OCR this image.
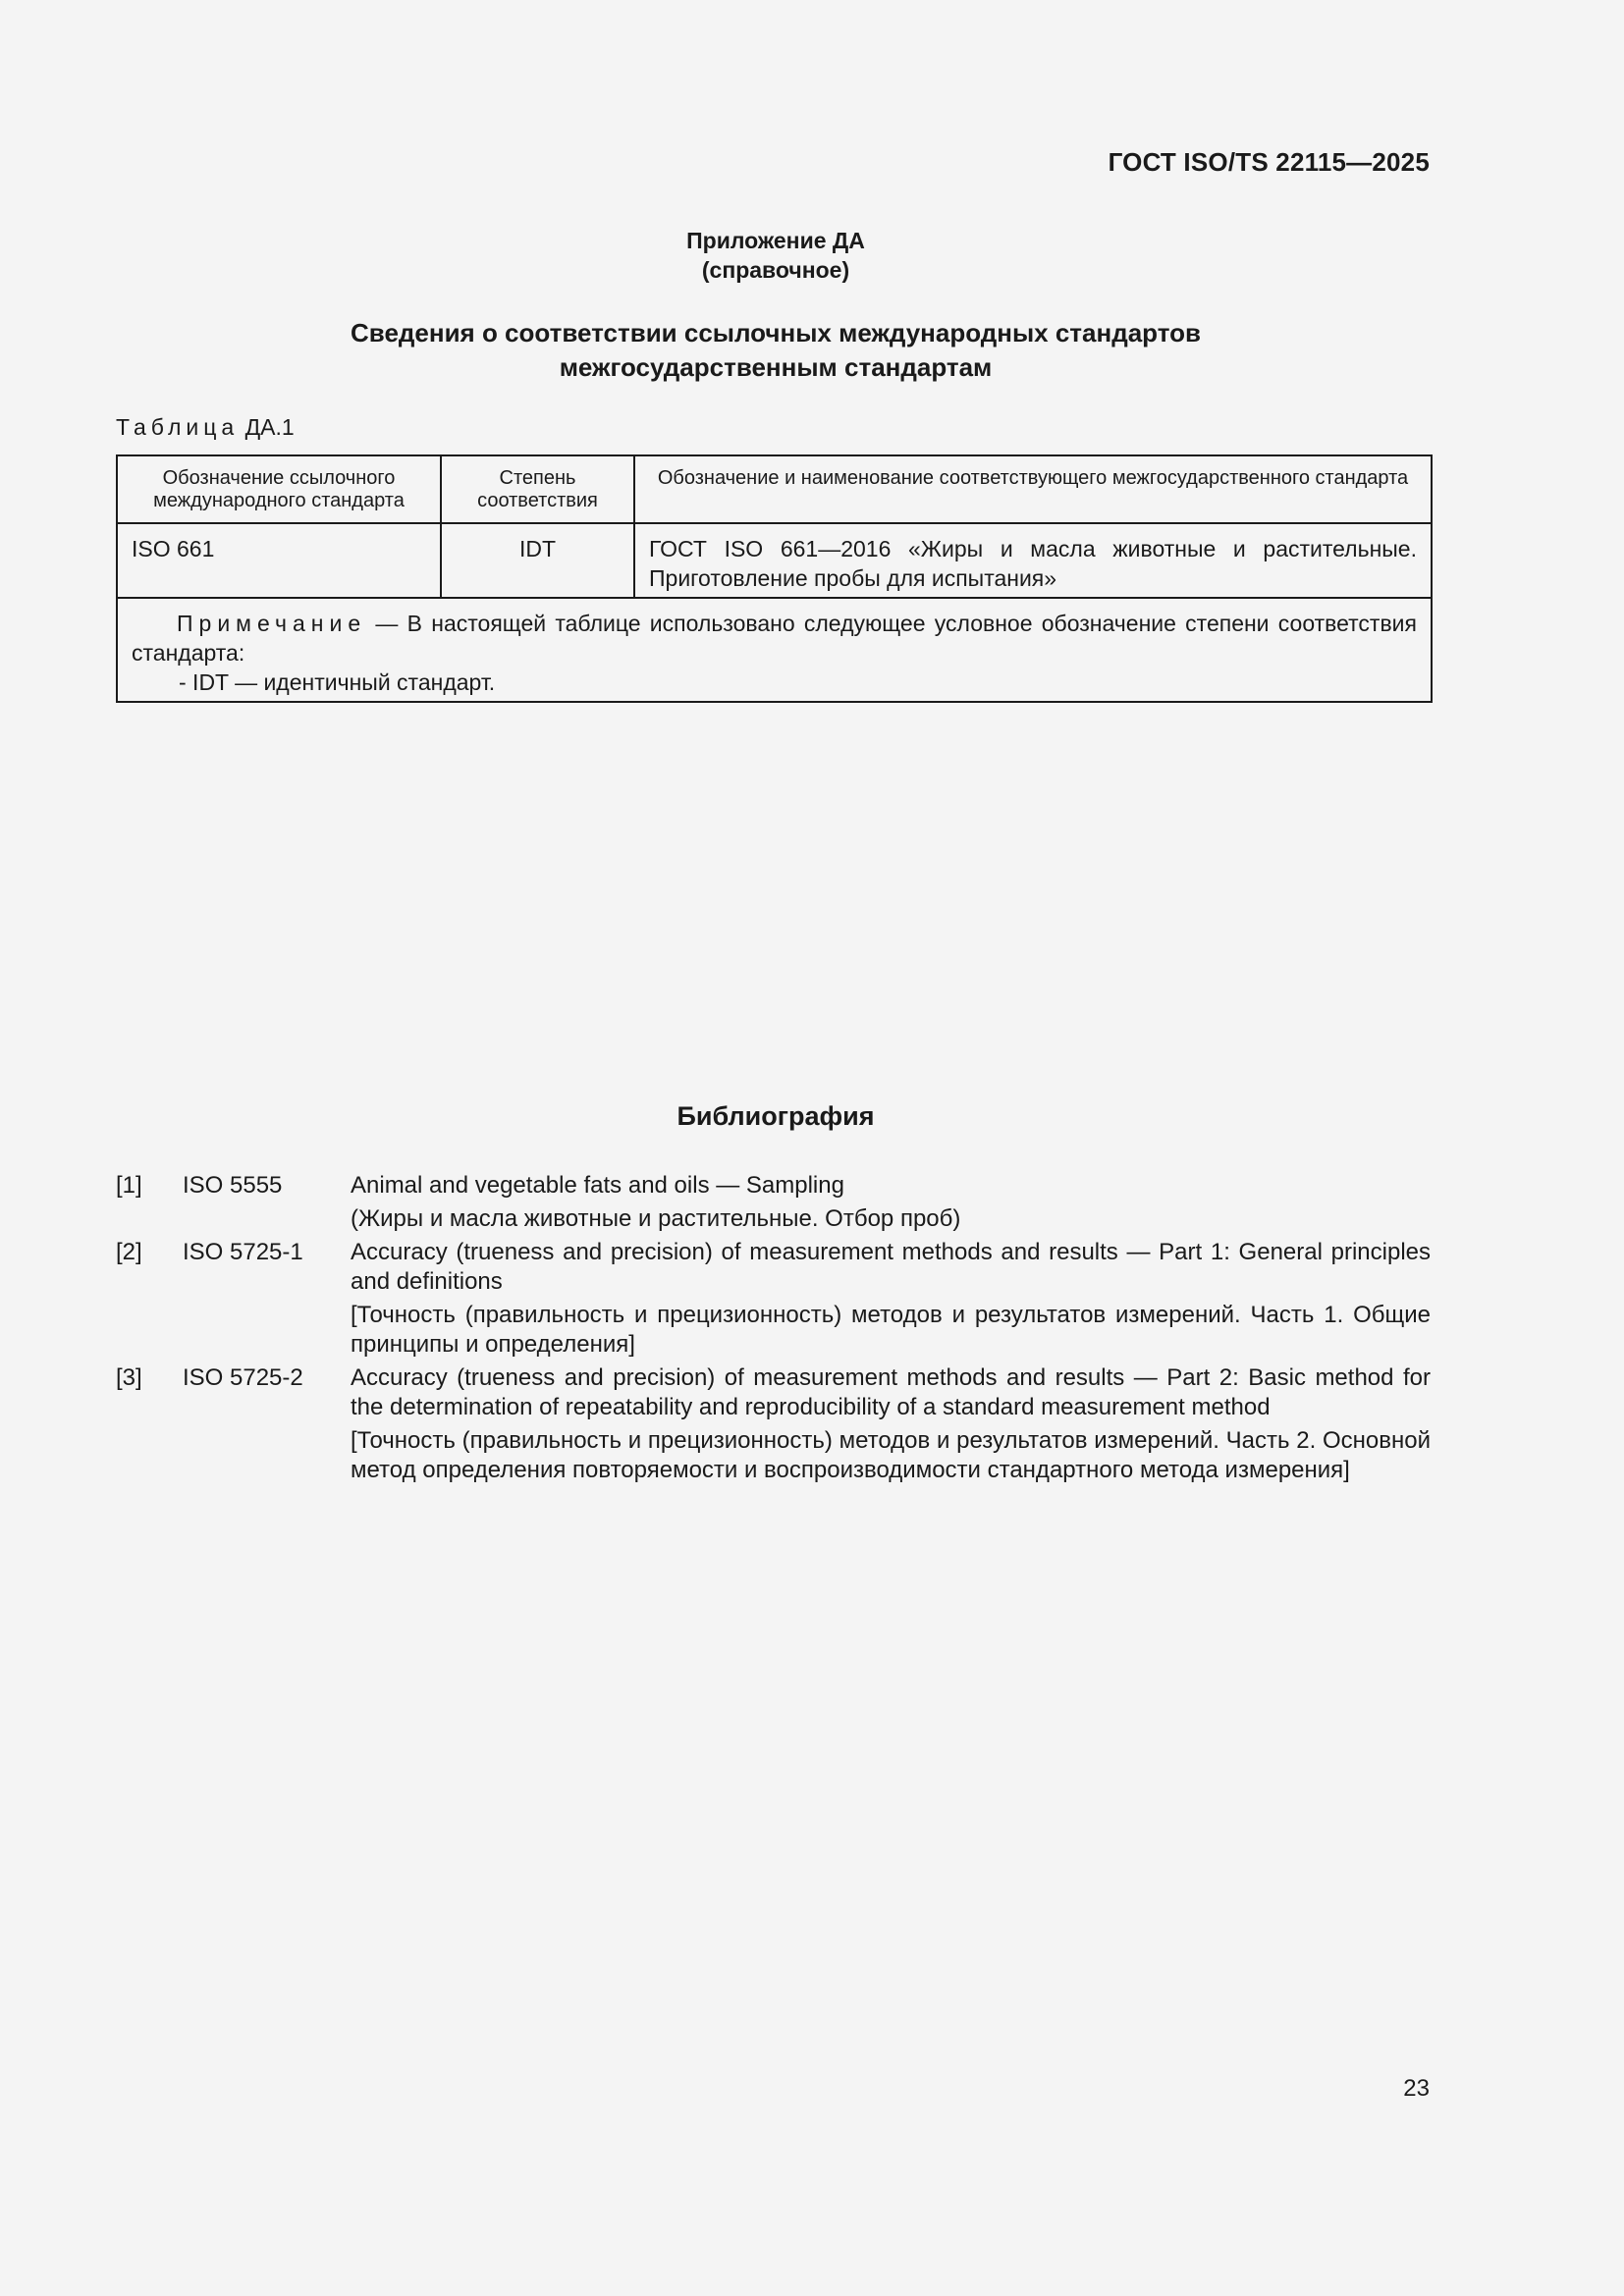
ГОСТ ISO/TS 22115—2025
Приложение ДА
(справочное)
Сведения о соответствии ссылочных международных стандартов
межгосударственным стандартам
Таблица ДА.1
Обозначение ссылочного международного стандарта	Степень соответствия	Обозначение и наименование соответствующего межгосударственного стандарта
ISO 661	IDT	ГОСТ ISO 661—2016 «Жиры и масла животные и растительные. Приготовление пробы для испытания»

Примечание — В настоящей таблице использовано следующее условное обозначение степени соответствия стандарта:
- IDT — идентичный стандарт.		
Библиография
[1] ISO 5555	Animal and vegetable fats and oils — Sampling

(Жиры и масла животные и растительные. Отбор проб)

[2] ISO 5725-1 Accuracy (trueness and precision) of measurement methods and results — Part 1: General principles and definitions

[Точность (правильность и прецизионность) методов и результатов измерений. Часть 1. Общие принципы и определения]

[3] ISO 5725-2 Accuracy (trueness and precision) of measurement methods and results — Part 2: Basic method for the determination of repeatability and reproducibility of a standard measurement method

[Точность (правильность и прецизионность) методов и результатов измерений. Часть 2. Основной метод определения повторяемости и воспроизводимости стандартного метода измерения]

23
